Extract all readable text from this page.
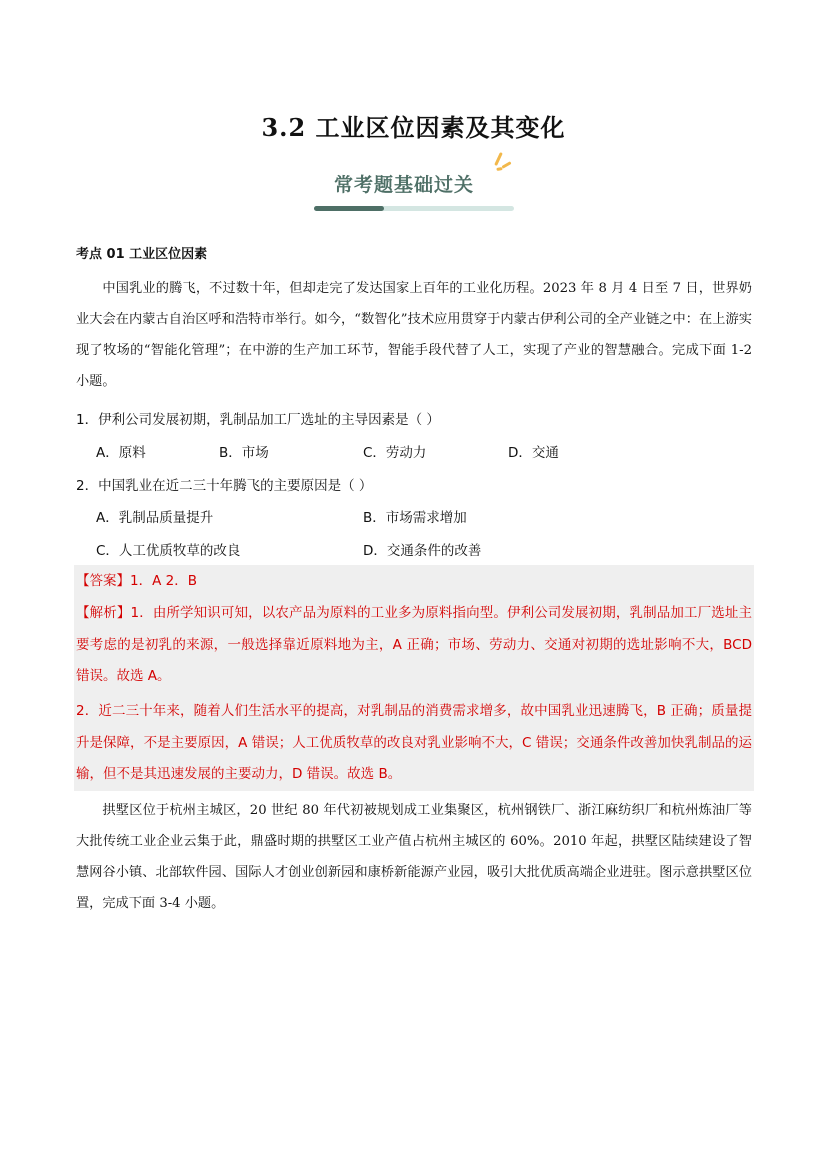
3.2 工业区位因素及其变化
常考题基础过关
考点 01 工业区位因素

中国乳业的腾飞，不过数十年，但却走完了发达国家上百年的工业化历程。2023 年 8 月 4 日至 7 日，世界奶业大会在内蒙古自治区呼和浩特市举行。如今，“数智化”技术应用贯穿于内蒙古伊利公司的全产业链之中：在上游实现了牧场的“智能化管理”；在中游的生产加工环节，智能手段代替了人工，实现了产业的智慧融合。完成下面 1-2 小题。

1．伊利公司发展初期，乳制品加工厂选址的主导因素是（ ）
A．原料	B．市场	C．劳动力	D．交通
2．中国乳业在近二三十年腾飞的主要原因是（ ）
A．乳制品质量提升	B．市场需求增加
C．人工优质牧草的改良	D．交通条件的改善

【答案】1．A 2．B

【解析】1．由所学知识可知，以农产品为原料的工业多为原料指向型。伊利公司发展初期，乳制品加工厂选址主要考虑的是初乳的来源，一般选择靠近原料地为主，A 正确；市场、劳动力、交通对初期的选址影响不大，BCD 错误。故选 A。

2．近二三十年来，随着人们生活水平的提高，对乳制品的消费需求增多，故中国乳业迅速腾飞，B 正确；质量提升是保障，不是主要原因，A 错误；人工优质牧草的改良对乳业影响不大，C 错误；交通条件改善加快乳制品的运输，但不是其迅速发展的主要动力，D 错误。故选 B。

拱墅区位于杭州主城区，20 世纪 80 年代初被规划成工业集聚区，杭州钢铁厂、浙江麻纺织厂和杭州炼油厂等大批传统工业企业云集于此，鼎盛时期的拱墅区工业产值占杭州主城区的 60%。2010 年起，拱墅区陆续建设了智慧网谷小镇、北部软件园、国际人才创业创新园和康桥新能源产业园，吸引大批优质高端企业进驻。图示意拱墅区位置，完成下面 3-4 小题。
